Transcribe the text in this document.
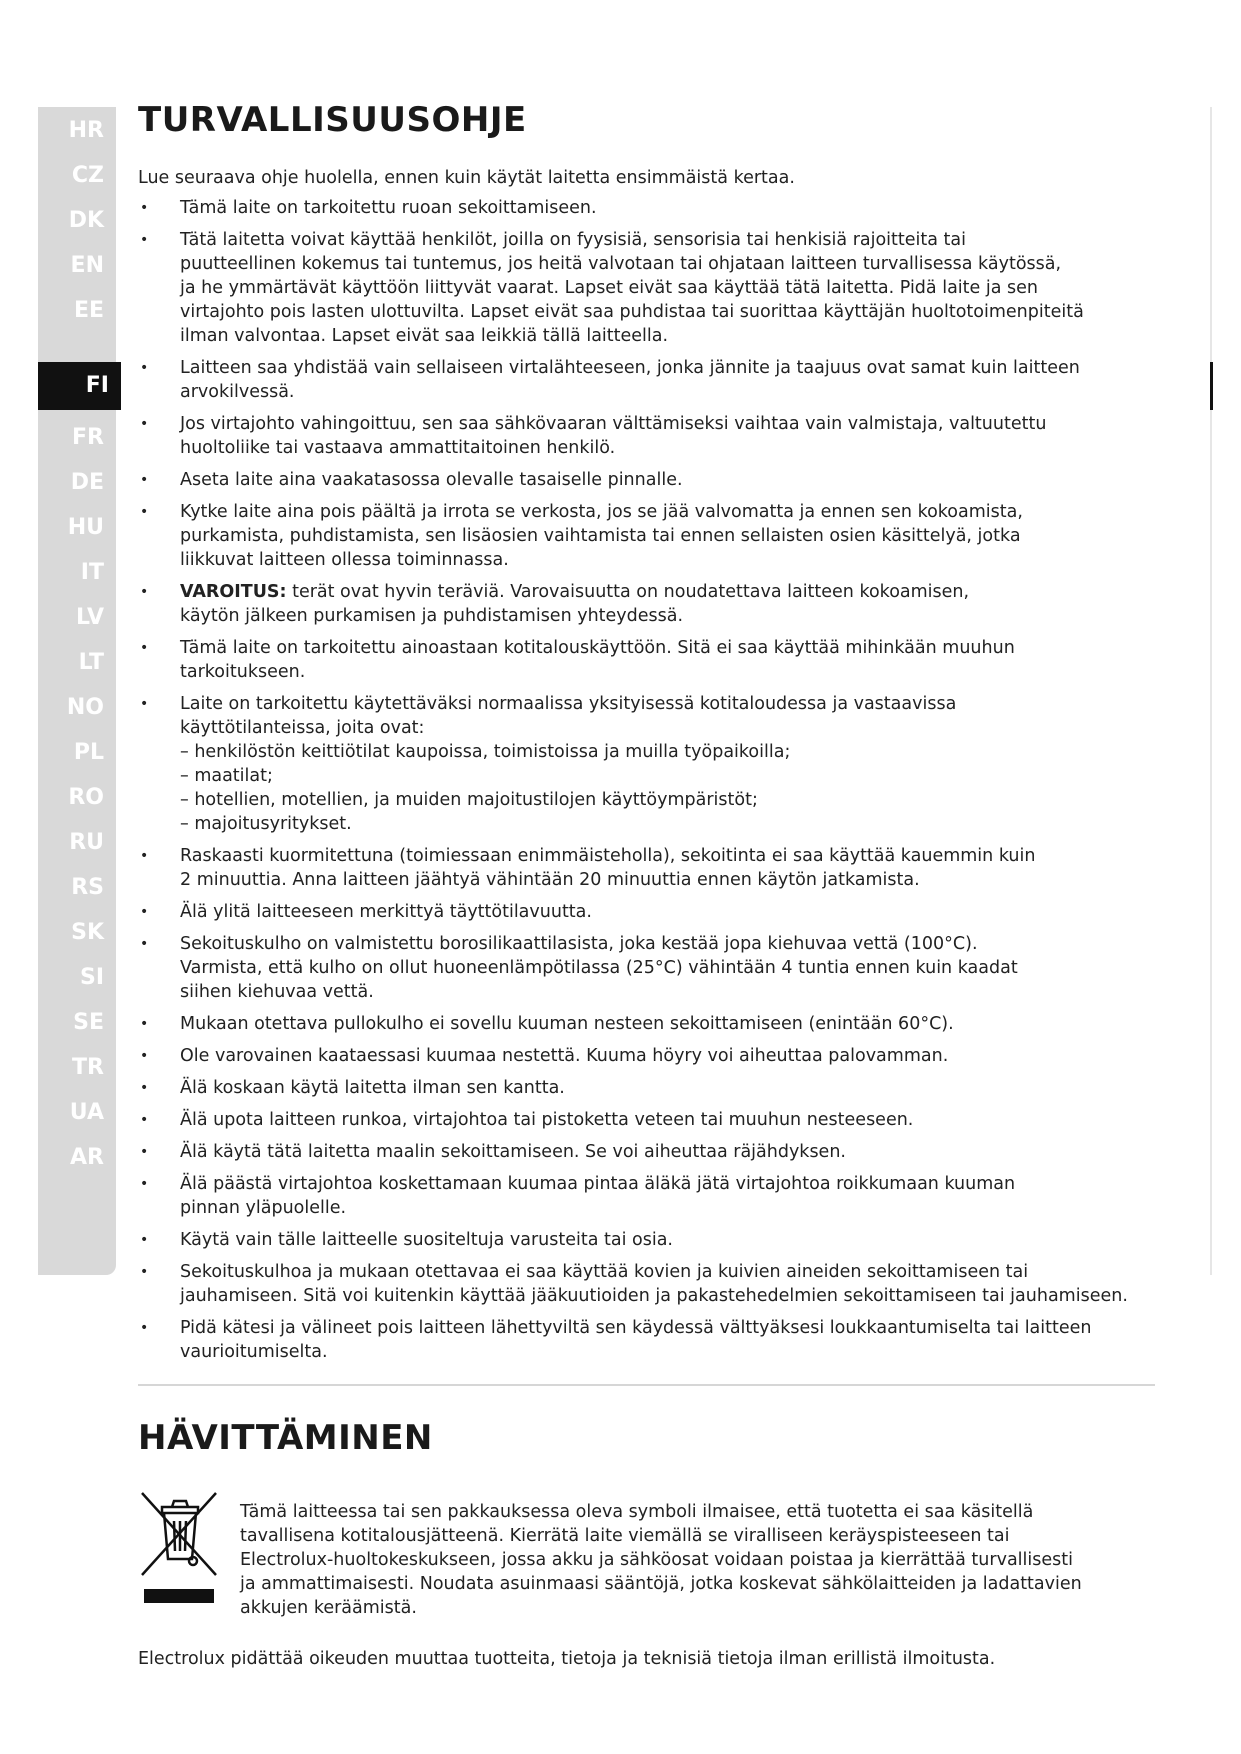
HR
CZ
DK
EN
EE
FI
FR
DE
HU
IT
LV
LT
NO
PL
RO
RU
RS
SK
SI
SE
TR
UA
AR
TURVALLISUUSOHJE
Lue seuraava ohje huolella, ennen kuin käytät laitetta ensimmäistä kertaa.
• Tämä laite on tarkoitettu ruoan sekoittamiseen.
• Tätä laitetta voivat käyttää henkilöt, joilla on fyysisiä, sensorisia tai henkisiä rajoitteita tai
puutteellinen kokemus tai tuntemus, jos heitä valvotaan tai ohjataan laitteen turvallisessa käytössä,
ja he ymmärtävät käyttöön liittyvät vaarat. Lapset eivät saa käyttää tätä laitetta. Pidä laite ja sen
virtajohto pois lasten ulottuvilta. Lapset eivät saa puhdistaa tai suorittaa käyttäjän huoltotoimenpiteitä
ilman valvontaa. Lapset eivät saa leikkiä tällä laitteella.
• Laitteen saa yhdistää vain sellaiseen virtalähteeseen, jonka jännite ja taajuus ovat samat kuin laitteen
arvokilvessä.
• Jos virtajohto vahingoittuu, sen saa sähkövaaran välttämiseksi vaihtaa vain valmistaja, valtuutettu
huoltoliike tai vastaava ammattitaitoinen henkilö.
• Aseta laite aina vaakatasossa olevalle tasaiselle pinnalle.
• Kytke laite aina pois päältä ja irrota se verkosta, jos se jää valvomatta ja ennen sen kokoamista,
purkamista, puhdistamista, sen lisäosien vaihtamista tai ennen sellaisten osien käsittelyä, jotka
liikkuvat laitteen ollessa toiminnassa.
• VAROITUS: terät ovat hyvin teräviä. Varovaisuutta on noudatettava laitteen kokoamisen,
käytön jälkeen purkamisen ja puhdistamisen yhteydessä.
• Tämä laite on tarkoitettu ainoastaan kotitalouskäyttöön. Sitä ei saa käyttää mihinkään muuhun
tarkoitukseen.
• Laite on tarkoitettu käytettäväksi normaalissa yksityisessä kotitaloudessa ja vastaavissa
käyttötilanteissa, joita ovat:
– henkilöstön keittiötilat kaupoissa, toimistoissa ja muilla työpaikoilla;
– maatilat;
– hotellien, motellien, ja muiden majoitustilojen käyttöympäristöt;
– majoitusyritykset.
• Raskaasti kuormitettuna (toimiessaan enimmäisteholla), sekoitinta ei saa käyttää kauemmin kuin
2 minuuttia. Anna laitteen jäähtyä vähintään 20 minuuttia ennen käytön jatkamista.
• Älä ylitä laitteeseen merkittyä täyttötilavuutta.
• Sekoituskulho on valmistettu borosilikaattilasista, joka kestää jopa kiehuvaa vettä (100°C).
Varmista, että kulho on ollut huoneenlämpötilassa (25°C) vähintään 4 tuntia ennen kuin kaadat
siihen kiehuvaa vettä.
• Mukaan otettava pullokulho ei sovellu kuuman nesteen sekoittamiseen (enintään 60°C).
• Ole varovainen kaataessasi kuumaa nestettä. Kuuma höyry voi aiheuttaa palovamman.
• Älä koskaan käytä laitetta ilman sen kantta.
• Älä upota laitteen runkoa, virtajohtoa tai pistoketta veteen tai muuhun nesteeseen.
• Älä käytä tätä laitetta maalin sekoittamiseen. Se voi aiheuttaa räjähdyksen.
• Älä päästä virtajohtoa koskettamaan kuumaa pintaa äläkä jätä virtajohtoa roikkumaan kuuman
pinnan yläpuolelle.
• Käytä vain tälle laitteelle suositeltuja varusteita tai osia.
• Sekoituskulhoa ja mukaan otettavaa ei saa käyttää kovien ja kuivien aineiden sekoittamiseen tai
jauhamiseen. Sitä voi kuitenkin käyttää jääkuutioiden ja pakastehedelmien sekoittamiseen tai jauhamiseen.
• Pidä kätesi ja välineet pois laitteen lähettyviltä sen käydessä välttyäksesi loukkaantumiselta tai laitteen
vaurioitumiselta.
HÄVITTÄMINEN
Tämä laitteessa tai sen pakkauksessa oleva symboli ilmaisee, että tuotetta ei saa käsitellä
tavallisena kotitalousjätteenä. Kierrätä laite viemällä se viralliseen keräyspisteeseen tai
Electrolux-huoltokeskukseen, jossa akku ja sähköosat voidaan poistaa ja kierrättää turvallisesti
ja ammattimaisesti. Noudata asuinmaasi sääntöjä, jotka koskevat sähkölaitteiden ja ladattavien
akkujen keräämistä.
Electrolux pidättää oikeuden muuttaa tuotteita, tietoja ja teknisiä tietoja ilman erillistä ilmoitusta.
